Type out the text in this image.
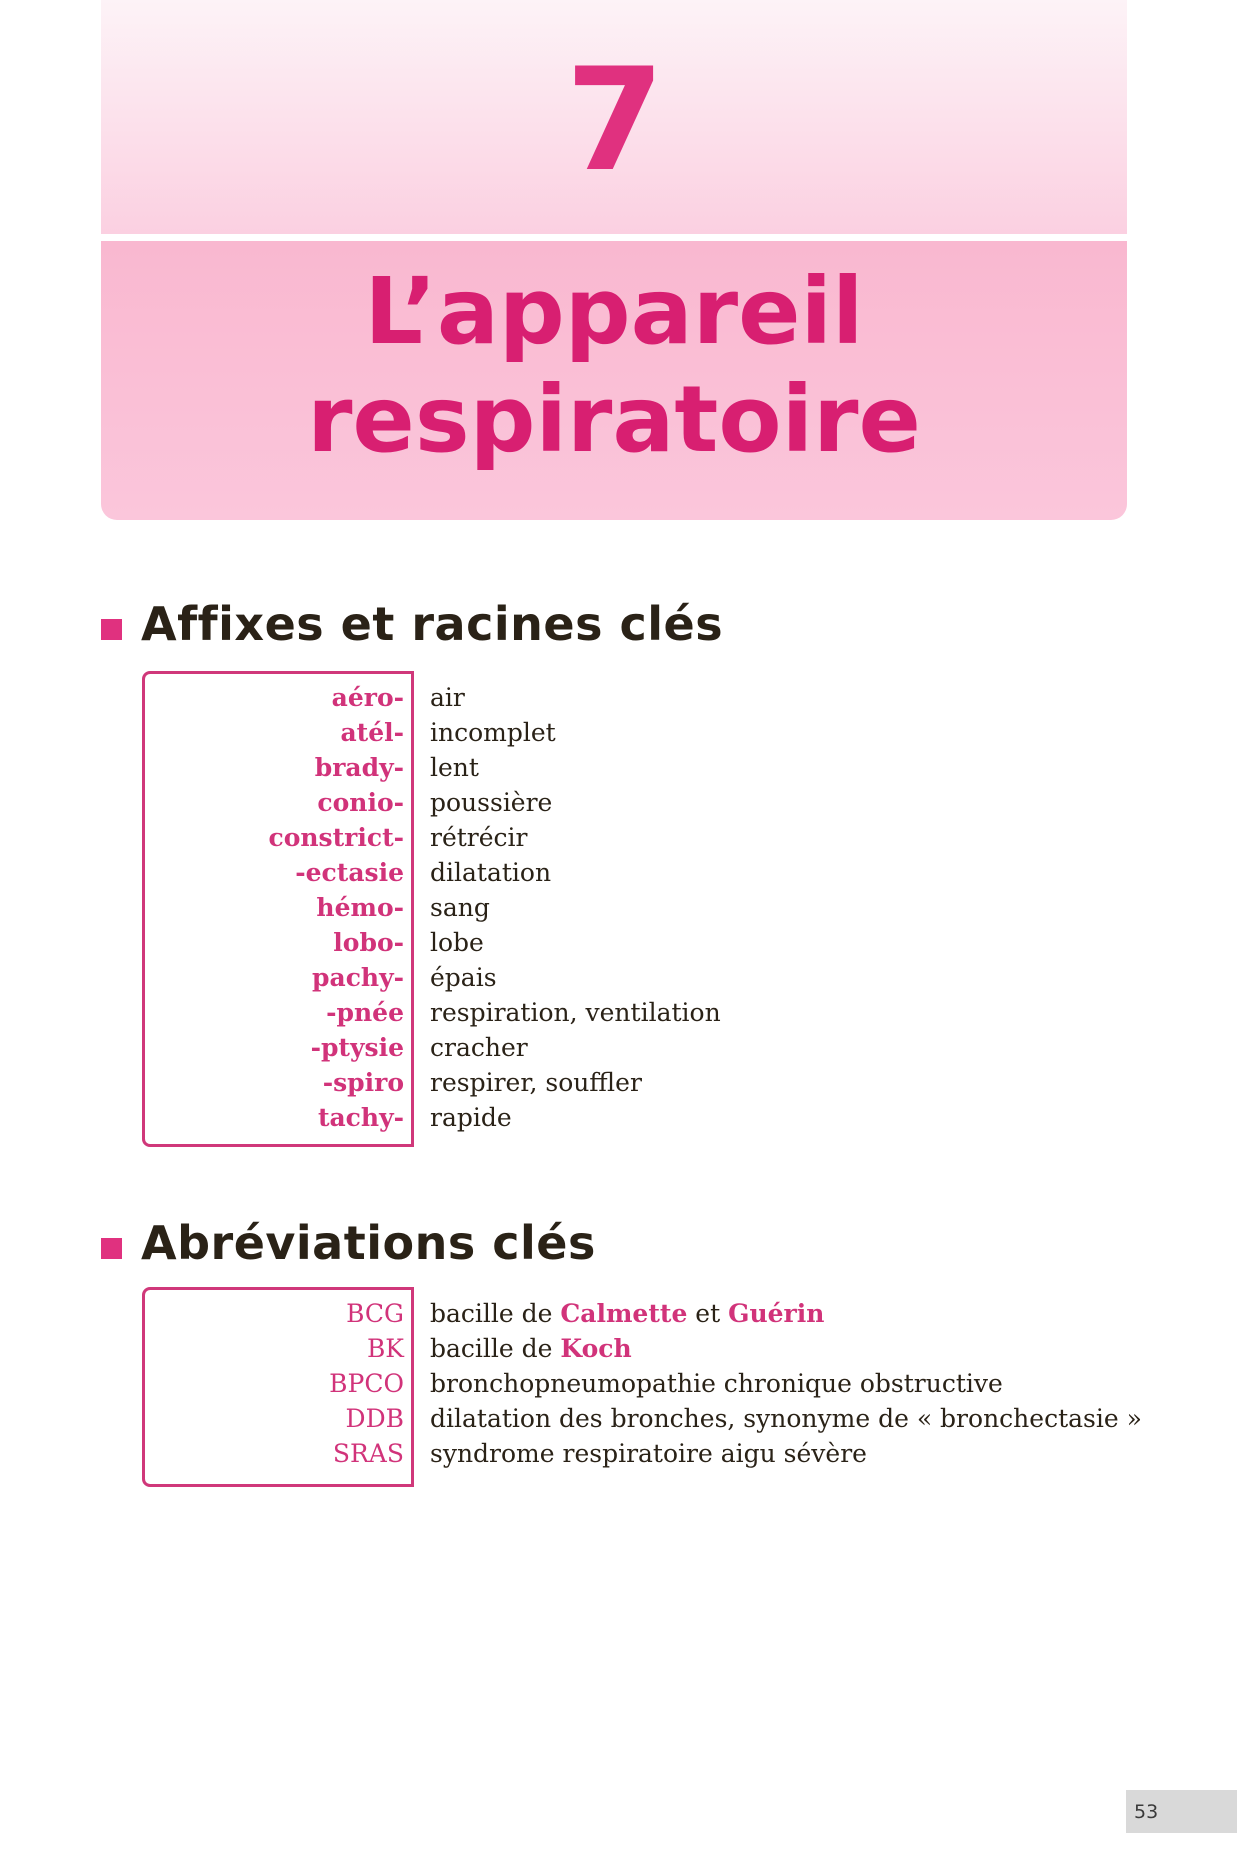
7
L’appareil
respiratoire
Affixes et racines clés
aéro- air
atél- incomplet
brady- lent
conio- poussière
constrict- rétrécir
-ectasie dilatation
hémo- sang
lobo- lobe
pachy- épais
-pnée respiration, ventilation
-ptysie cracher
-spiro respirer, souffler
tachy- rapide
Abréviations clés
BCG bacille de Calmette et Guérin
BK bacille de Koch
BPCO bronchopneumopathie chronique obstructive
DDB dilatation des bronches, synonyme de « bronchectasie »
SRAS syndrome respiratoire aigu sévère
53
